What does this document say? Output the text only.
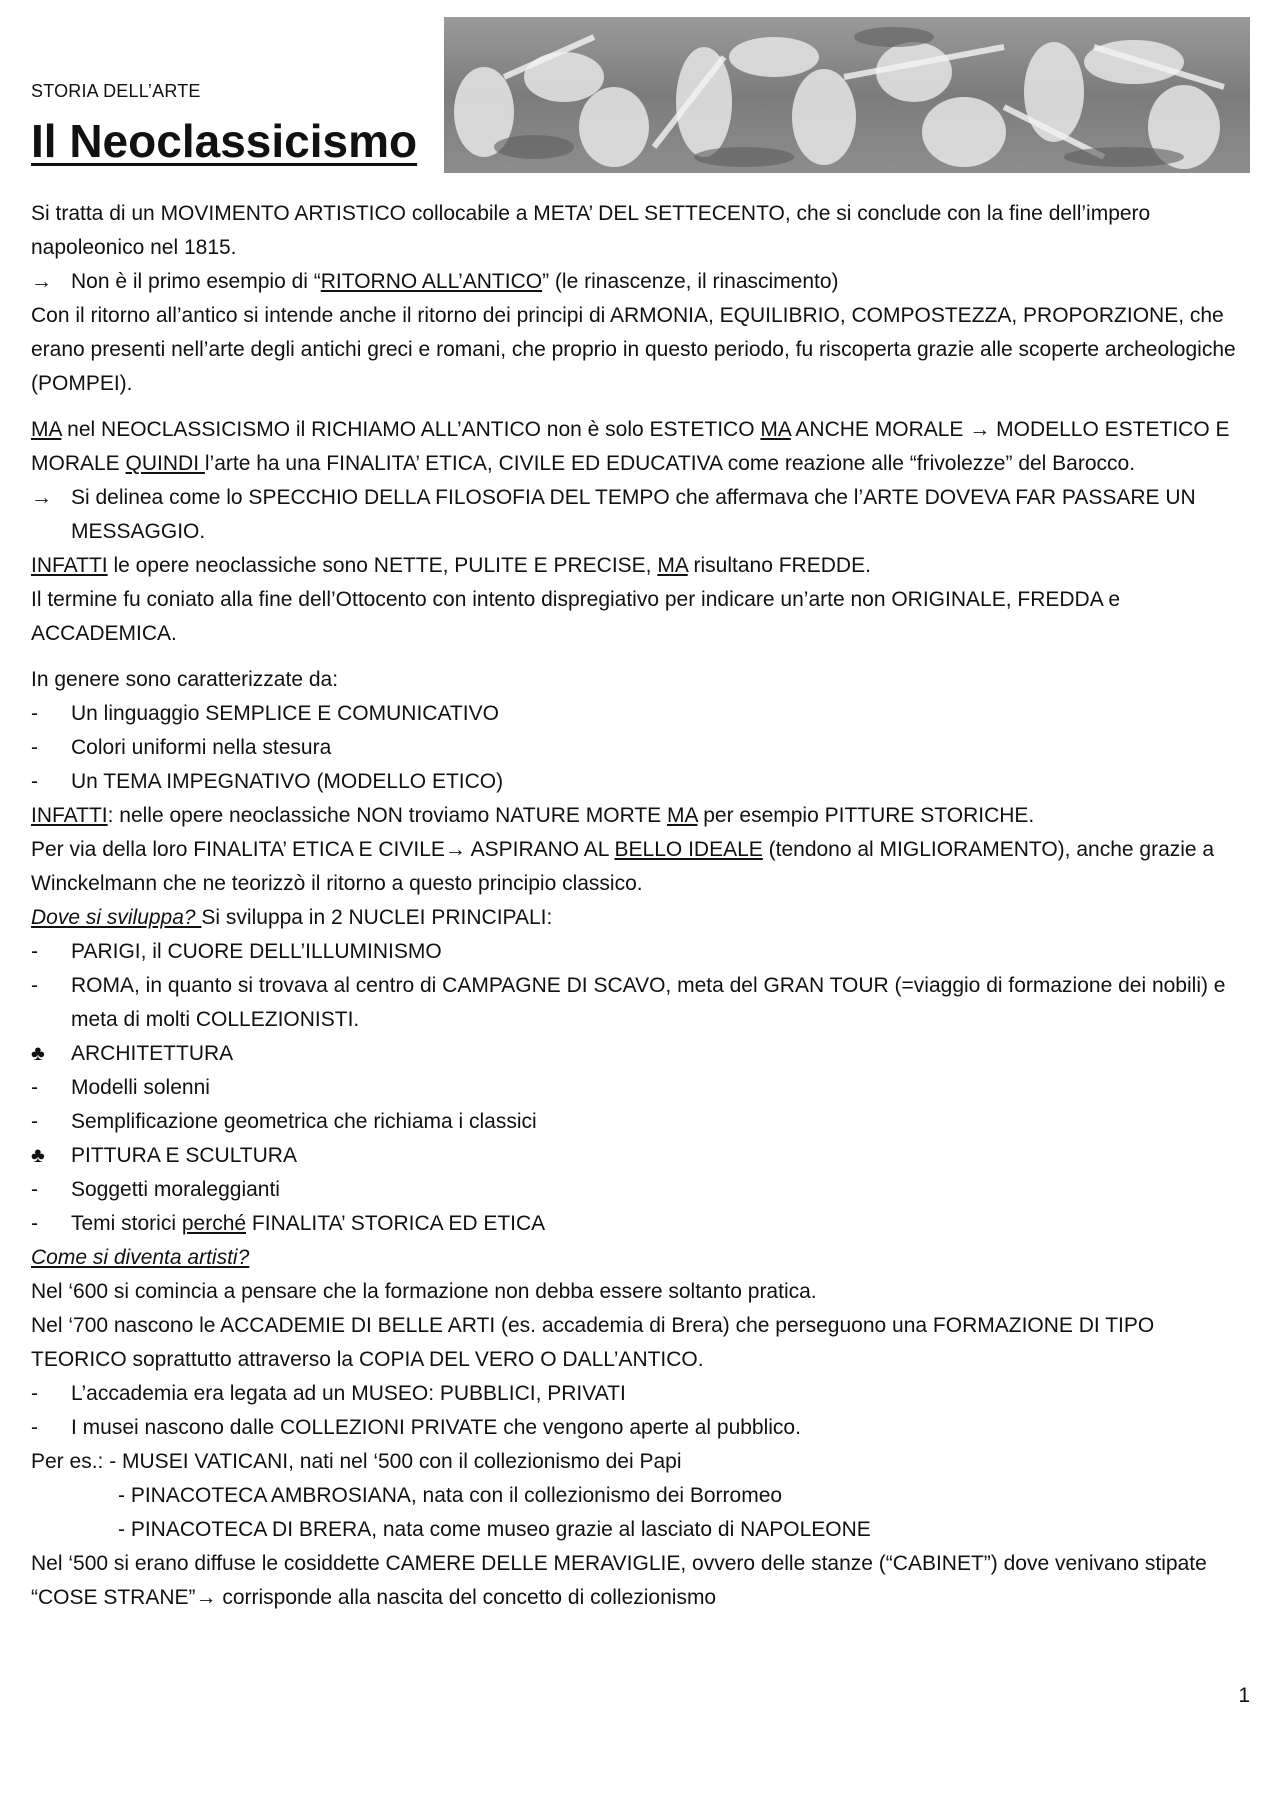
STORIA DELL’ARTE
Il Neoclassicismo

Si tratta di un MOVIMENTO ARTISTICO collocabile a META’ DEL SETTECENTO, che si conclude con la fine dell’impero napoleonico nel 1815.

→ Non è il primo esempio di “RITORNO ALL’ANTICO” (le rinascenze, il rinascimento)

Con il ritorno all’antico si intende anche il ritorno dei principi di ARMONIA, EQUILIBRIO, COMPOSTEZZA, PROPORZIONE, che erano presenti nell’arte degli antichi greci e romani, che proprio in questo periodo, fu riscoperta grazie alle scoperte archeologiche (POMPEI).

MA nel NEOCLASSICISMO il RICHIAMO ALL’ANTICO non è solo ESTETICO MA ANCHE MORALE → MODELLO ESTETICO E MORALE QUINDI l’arte ha una FINALITA’ ETICA, CIVILE ED EDUCATIVA come reazione alle “frivolezze” del Barocco.

→ Si delinea come lo SPECCHIO DELLA FILOSOFIA DEL TEMPO che affermava che l’ARTE DOVEVA FAR PASSARE UN MESSAGGIO.

INFATTI le opere neoclassiche sono NETTE, PULITE E PRECISE, MA risultano FREDDE.

Il termine fu coniato alla fine dell’Ottocento con intento dispregiativo per indicare un’arte non ORIGINALE, FREDDA e ACCADEMICA.

In genere sono caratterizzate da:

-	Un linguaggio SEMPLICE E COMUNICATIVO
-	Colori uniformi nella stesura
-	Un TEMA IMPEGNATIVO (MODELLO ETICO)

INFATTI: nelle opere neoclassiche NON troviamo NATURE MORTE MA per esempio PITTURE STORICHE.

Per via della loro FINALITA’ ETICA E CIVILE→ ASPIRANO AL BELLO IDEALE (tendono al MIGLIORAMENTO), anche grazie a Winckelmann che ne teorizzò il ritorno a questo principio classico.

Dove si sviluppa? Si sviluppa in 2 NUCLEI PRINCIPALI:

-	PARIGI, il CUORE DELL’ILLUMINISMO
-	ROMA, in quanto si trovava al centro di CAMPAGNE DI SCAVO, meta del GRAN TOUR (=viaggio di formazione dei nobili) e meta di molti COLLEZIONISTI.
♣	ARCHITETTURA
-	Modelli solenni
-	Semplificazione geometrica che richiama i classici
♣	PITTURA E SCULTURA
-	Soggetti moraleggianti
-	Temi storici perché FINALITA’ STORICA ED ETICA

Come si diventa artisti?

Nel ‘600 si comincia a pensare che la formazione non debba essere soltanto pratica.

Nel ‘700 nascono le ACCADEMIE DI BELLE ARTI (es. accademia di Brera) che perseguono una FORMAZIONE DI TIPO TEORICO soprattutto attraverso la COPIA DEL VERO O DALL’ANTICO.

-	L’accademia era legata ad un MUSEO: PUBBLICI, PRIVATI
-	I musei nascono dalle COLLEZIONI PRIVATE che vengono aperte al pubblico.

Per es.: - MUSEI VATICANI, nati nel ‘500 con il collezionismo dei Papi

- PINACOTECA AMBROSIANA, nata con il collezionismo dei Borromeo

- PINACOTECA DI BRERA, nata come museo grazie al lasciato di NAPOLEONE

Nel ‘500 si erano diffuse le cosiddette CAMERE DELLE MERAVIGLIE, ovvero delle stanze (“CABINET”) dove venivano stipate “COSE STRANE”→ corrisponde alla nascita del concetto di collezionismo

1
